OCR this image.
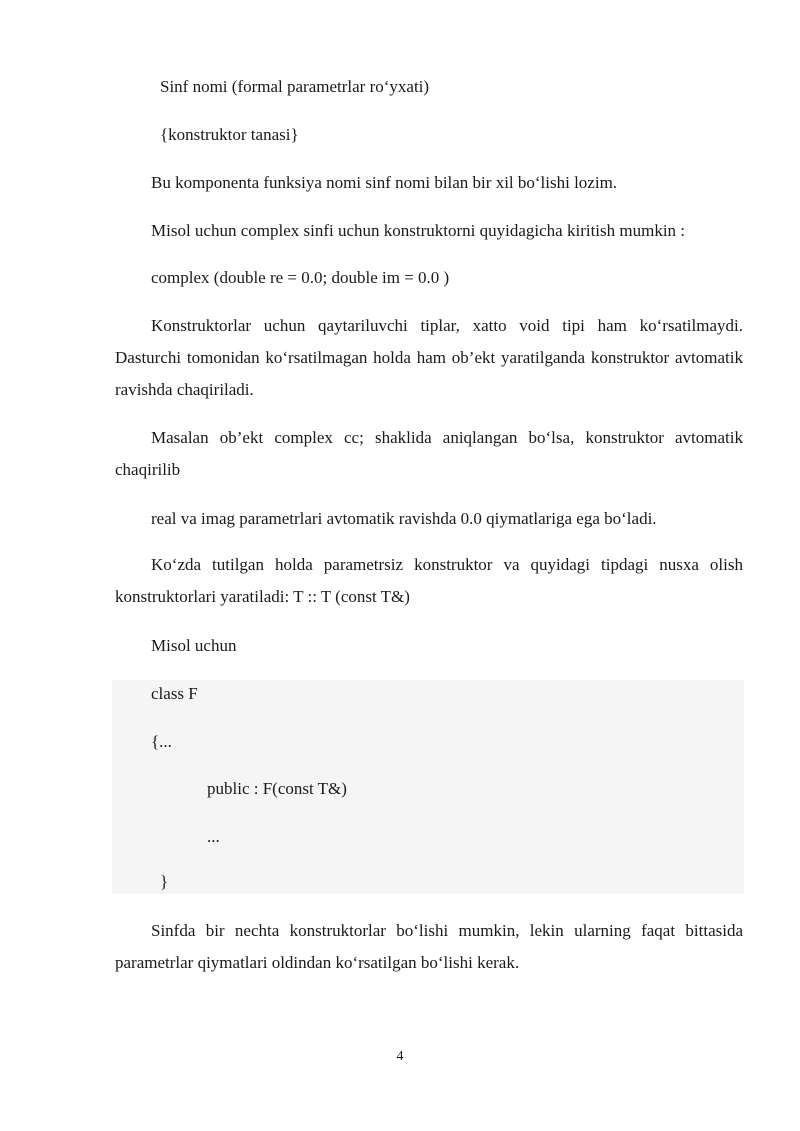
Sinf nomi (formal parametrlar ro‘yxati)
{konstruktor tanasi}
Bu komponenta funksiya nomi sinf nomi bilan bir xil bo‘lishi lozim.
Misol uchun complex sinfi uchun konstruktorni quyidagicha kiritish mumkin :
complex (double re = 0.0; double im = 0.0 )
Konstruktorlar uchun qaytariluvchi tiplar, xatto void tipi ham ko‘rsatilmaydi. Dasturchi tomonidan ko‘rsatilmagan holda ham ob’ekt yaratilganda konstruktor avtomatik ravishda chaqiriladi.
Masalan ob’ekt complex cc; shaklida aniqlangan bo‘lsa, konstruktor avtomatik chaqirilib
real va imag parametrlari avtomatik ravishda 0.0 qiymatlariga ega bo‘ladi.
Ko‘zda tutilgan holda parametrsiz konstruktor va quyidagi tipdagi nusxa olish konstruktorlari yaratiladi: T :: T (const T&)
Misol uchun
class F
{...
public : F(const T&)
...
}
Sinfda bir nechta konstruktorlar bo‘lishi mumkin, lekin ularning faqat bittasida parametrlar qiymatlari oldindan ko‘rsatilgan bo‘lishi kerak.
4
